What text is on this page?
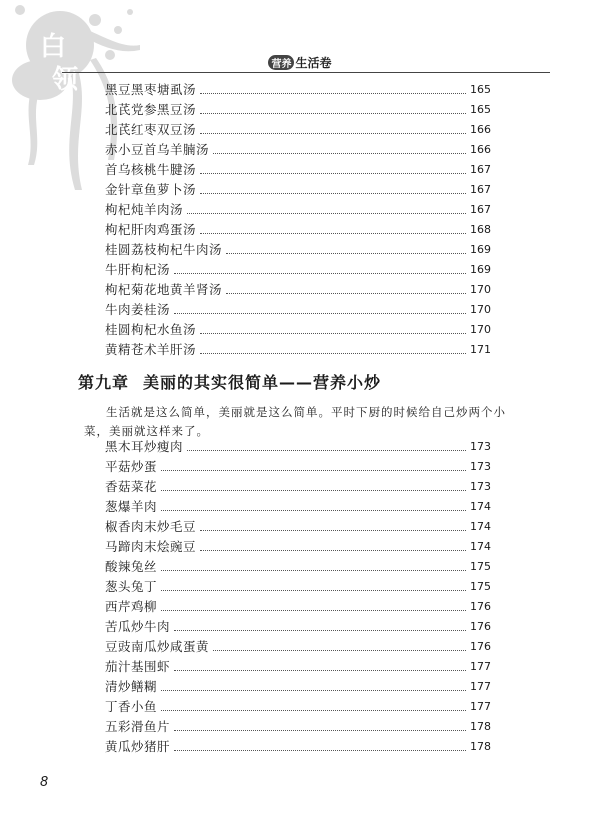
白
领
营养 生活卷
黑豆黑枣塘虱汤	165
北芪党参黑豆汤	165
北芪红枣双豆汤	166
赤小豆首乌羊腩汤	166
首乌核桃牛腱汤	167
金针章鱼萝卜汤	167
枸杞炖羊肉汤	167
枸杞肝肉鸡蛋汤	168
桂圆荔枝枸杞牛肉汤	169
牛肝枸杞汤	169
枸杞菊花地黄羊肾汤	170
牛肉姜桂汤	170
桂圆枸杞水鱼汤	170
黄精苍术羊肝汤	171
第九章 美丽的其实很简单——营养小炒
生活就是这么简单，美丽就是这么简单。平时下厨的时候给自己炒两个小菜，美丽就这样来了。
黑木耳炒瘦肉	173
平菇炒蛋	173
香菇菜花	173
葱爆羊肉	174
椒香肉末炒毛豆	174
马蹄肉末烩豌豆	174
酸辣兔丝	175
葱头兔丁	175
西芹鸡柳	176
苦瓜炒牛肉	176
豆豉南瓜炒咸蛋黄	176
茄汁基围虾	177
清炒鳝糊	177
丁香小鱼	177
五彩滑鱼片	178
黄瓜炒猪肝	178
8
